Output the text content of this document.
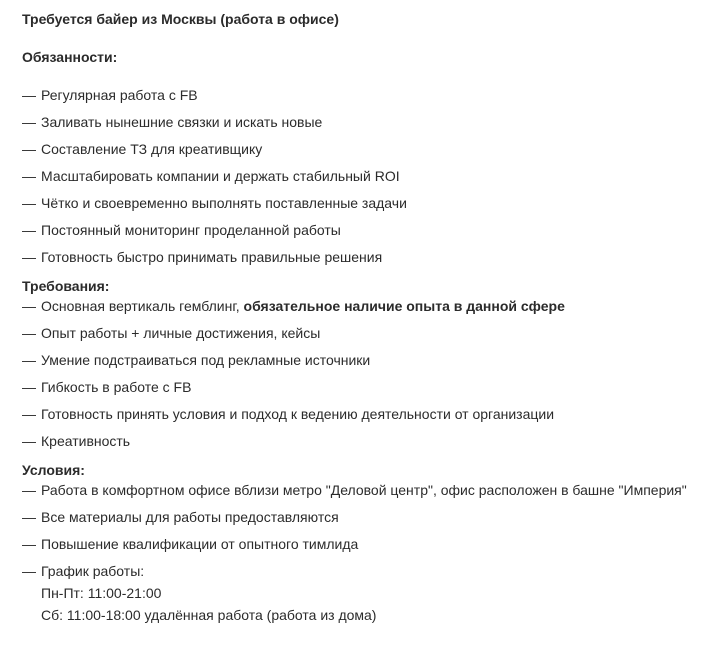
Требуется байер из Москвы (работа в офисе)

Обязанности:

— Регулярная работа с FB
— Заливать нынешние связки и искать новые
— Составление ТЗ для креативщику
— Масштабировать компании и держать стабильный ROI
— Чётко и своевременно выполнять поставленные задачи
— Постоянный мониторинг проделанной работы
— Готовность быстро принимать правильные решения

Требования:

— Основная вертикаль гемблинг, обязательное наличие опыта в данной сфере
— Опыт работы + личные достижения, кейсы
— Умение подстраиваться под рекламные источники
— Гибкость в работе с FB
— Готовность принять условия и подход к ведению деятельности от организации
— Креативность

Условия:

— Работа в комфортном офисе вблизи метро "Деловой центр", офис расположен в башне "Империя"
— Все материалы для работы предоставляются
— Повышение квалификации от опытного тимлида
— График работы:
Пн-Пт: 11:00-21:00
Сб: 11:00-18:00 удалённая работа (работа из дома)
